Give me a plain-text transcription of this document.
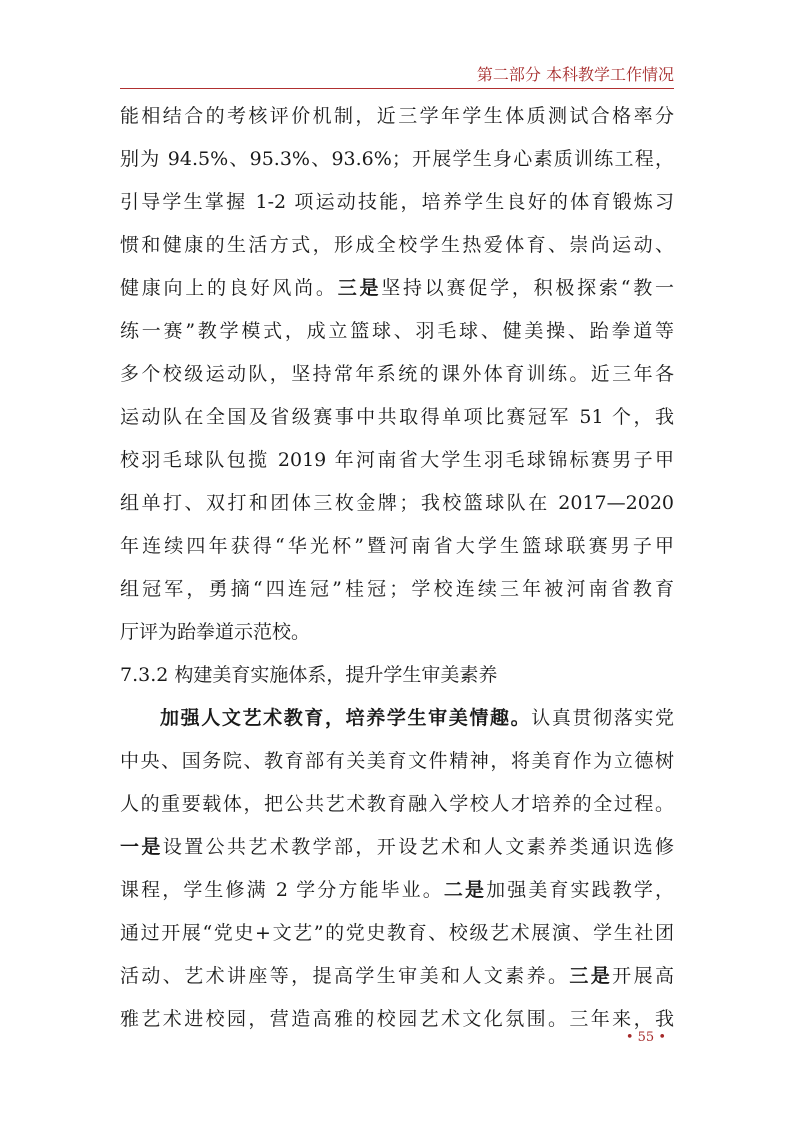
第二部分 本科教学工作情况
能相结合的考核评价机制，近三学年学生体质测试合格率分
别为 94.5%、95.3%、93.6%；开展学生身心素质训练工程，
引导学生掌握 1-2 项运动技能，培养学生良好的体育锻炼习
惯和健康的生活方式，形成全校学生热爱体育、崇尚运动、
健康向上的良好风尚。三是坚持以赛促学，积极探索“教一
练一赛”教学模式，成立篮球、羽毛球、健美操、跆拳道等
多个校级运动队，坚持常年系统的课外体育训练。近三年各
运动队在全国及省级赛事中共取得单项比赛冠军 51 个，我
校羽毛球队包揽 2019 年河南省大学生羽毛球锦标赛男子甲
组单打、双打和团体三枚金牌；我校篮球队在 2017—2020
年连续四年获得“华光杯”暨河南省大学生篮球联赛男子甲
组冠军，勇摘“四连冠”桂冠；学校连续三年被河南省教育
厅评为跆拳道示范校。
7.3.2 构建美育实施体系，提升学生审美素养
加强人文艺术教育，培养学生审美情趣。认真贯彻落实党
中央、国务院、教育部有关美育文件精神，将美育作为立德树
人的重要载体，把公共艺术教育融入学校人才培养的全过程。
一是设置公共艺术教学部，开设艺术和人文素养类通识选修
课程，学生修满 2 学分方能毕业。二是加强美育实践教学，
通过开展“党史+文艺”的党史教育、校级艺术展演、学生社团
活动、艺术讲座等，提高学生审美和人文素养。三是开展高
雅艺术进校园，营造高雅的校园艺术文化氛围。三年来，我
• 55 •
